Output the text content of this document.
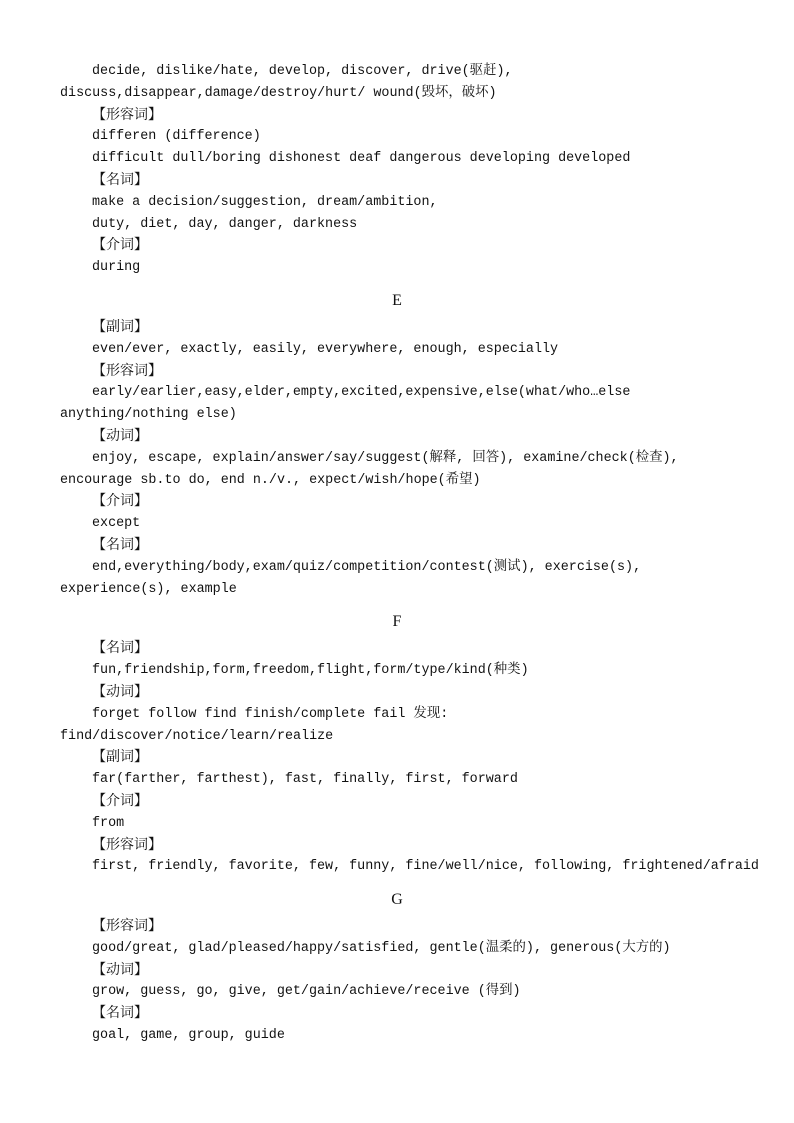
decide, dislike/hate, develop, discover, drive(驱赶),
discuss,disappear,damage/destroy/hurt/ wound(毁坏，破坏)
【形容词】
differen (difference)
difficult dull/boring dishonest deaf dangerous developing developed
【名词】
make a decision/suggestion, dream/ambition,
duty, diet, day, danger, darkness
【介词】
during
E
【副词】
even/ever, exactly, easily, everywhere, enough, especially
【形容词】
early/earlier,easy,elder,empty,excited,expensive,else(what/who…else
anything/nothing else)
【动词】
enjoy, escape, explain/answer/say/suggest(解释, 回答), examine/check(检查),
encourage sb.to do, end n./v., expect/wish/hope(希望)
【介词】
except
【名词】
end,everything/body,exam/quiz/competition/contest(测试), exercise(s),
experience(s), example
F
【名词】
fun,friendship,form,freedom,flight,form/type/kind(种类)
【动词】
forget follow find finish/complete fail 发现:
find/discover/notice/learn/realize
【副词】
far(farther, farthest), fast, finally, first, forward
【介词】
from
【形容词】
first, friendly, favorite, few, funny, fine/well/nice, following, frightened/afraid
G
【形容词】
good/great, glad/pleased/happy/satisfied, gentle(温柔的), generous(大方的)
【动词】
grow, guess, go, give, get/gain/achieve/receive (得到)
【名词】
goal, game, group, guide
